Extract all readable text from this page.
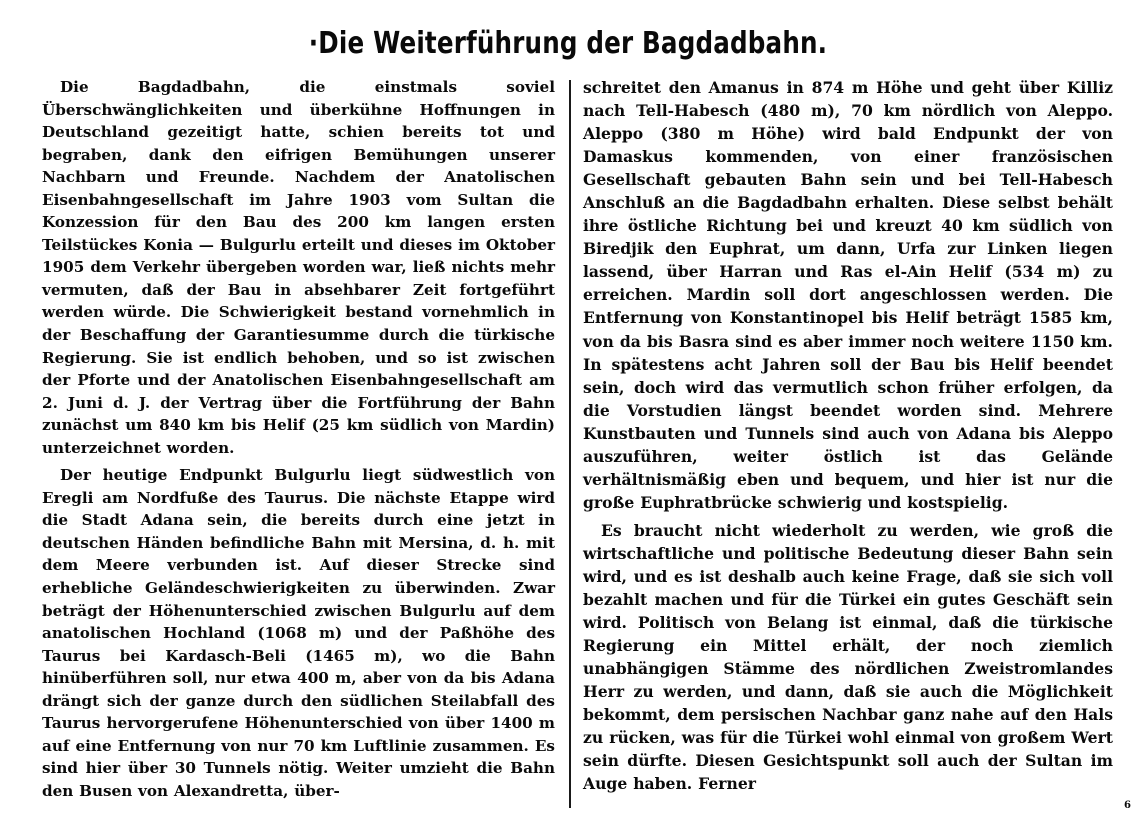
·Die Weiterführung der Bagdadbahn.

Die Bagdadbahn, die einstmals soviel Überschwänglichkeiten und überkühne Hoffnungen in Deutschland gezeitigt hatte, schien bereits tot und begraben, dank den eifrigen Bemühungen unserer Nachbarn und Freunde. Nachdem der Anatolischen Eisenbahngesellschaft im Jahre 1903 vom Sultan die Konzession für den Bau des 200 km langen ersten Teilstückes Konia — Bulgurlu erteilt und dieses im Oktober 1905 dem Verkehr übergeben worden war, ließ nichts mehr vermuten, daß der Bau in absehbarer Zeit fortgeführt werden würde. Die Schwierigkeit bestand vornehmlich in der Beschaffung der Garantiesumme durch die türkische Regierung. Sie ist endlich behoben, und so ist zwischen der Pforte und der Anatolischen Eisenbahngesellschaft am 2. Juni d. J. der Vertrag über die Fortführung der Bahn zunächst um 840 km bis Helif (25 km südlich von Mardin) unterzeichnet worden.

Der heutige Endpunkt Bulgurlu liegt südwestlich von Eregli am Nordfuße des Taurus. Die nächste Etappe wird die Stadt Adana sein, die bereits durch eine jetzt in deutschen Händen befindliche Bahn mit Mersina, d. h. mit dem Meere verbunden ist. Auf dieser Strecke sind erhebliche Geländeschwierigkeiten zu überwinden. Zwar beträgt der Höhenunterschied zwischen Bulgurlu auf dem anatolischen Hochland (1068 m) und der Paßhöhe des Taurus bei Kardasch-Beli (1465 m), wo die Bahn hinüberführen soll, nur etwa 400 m, aber von da bis Adana drängt sich der ganze durch den südlichen Steilabfall des Taurus hervorgerufene Höhenunterschied von über 1400 m auf eine Entfernung von nur 70 km Luftlinie zusammen. Es sind hier über 30 Tunnels nötig. Weiter umzieht die Bahn den Busen von Alexandretta, über-

schreitet den Amanus in 874 m Höhe und geht über Killiz nach Tell-Habesch (480 m), 70 km nördlich von Aleppo. Aleppo (380 m Höhe) wird bald Endpunkt der von Damaskus kommenden, von einer französischen Gesellschaft gebauten Bahn sein und bei Tell-Habesch Anschluß an die Bagdadbahn erhalten. Diese selbst behält ihre östliche Richtung bei und kreuzt 40 km südlich von Biredjik den Euphrat, um dann, Urfa zur Linken liegen lassend, über Harran und Ras el-Ain Helif (534 m) zu erreichen. Mardin soll dort angeschlossen werden. Die Entfernung von Konstantinopel bis Helif beträgt 1585 km, von da bis Basra sind es aber immer noch weitere 1150 km. In spätestens acht Jahren soll der Bau bis Helif beendet sein, doch wird das vermutlich schon früher erfolgen, da die Vorstudien längst beendet worden sind. Mehrere Kunstbauten und Tunnels sind auch von Adana bis Aleppo auszuführen, weiter östlich ist das Gelände verhältnismäßig eben und bequem, und hier ist nur die große Euphratbrücke schwierig und kostspielig.

Es braucht nicht wiederholt zu werden, wie groß die wirtschaftliche und politische Bedeutung dieser Bahn sein wird, und es ist deshalb auch keine Frage, daß sie sich voll bezahlt machen und für die Türkei ein gutes Geschäft sein wird. Politisch von Belang ist einmal, daß die türkische Regierung ein Mittel erhält, der noch ziemlich unabhängigen Stämme des nördlichen Zweistromlandes Herr zu werden, und dann, daß sie auch die Möglichkeit bekommt, dem persischen Nachbar ganz nahe auf den Hals zu rücken, was für die Türkei wohl einmal von großem Wert sein dürfte. Diesen Gesichtspunkt soll auch der Sultan im Auge haben. Ferner

6
